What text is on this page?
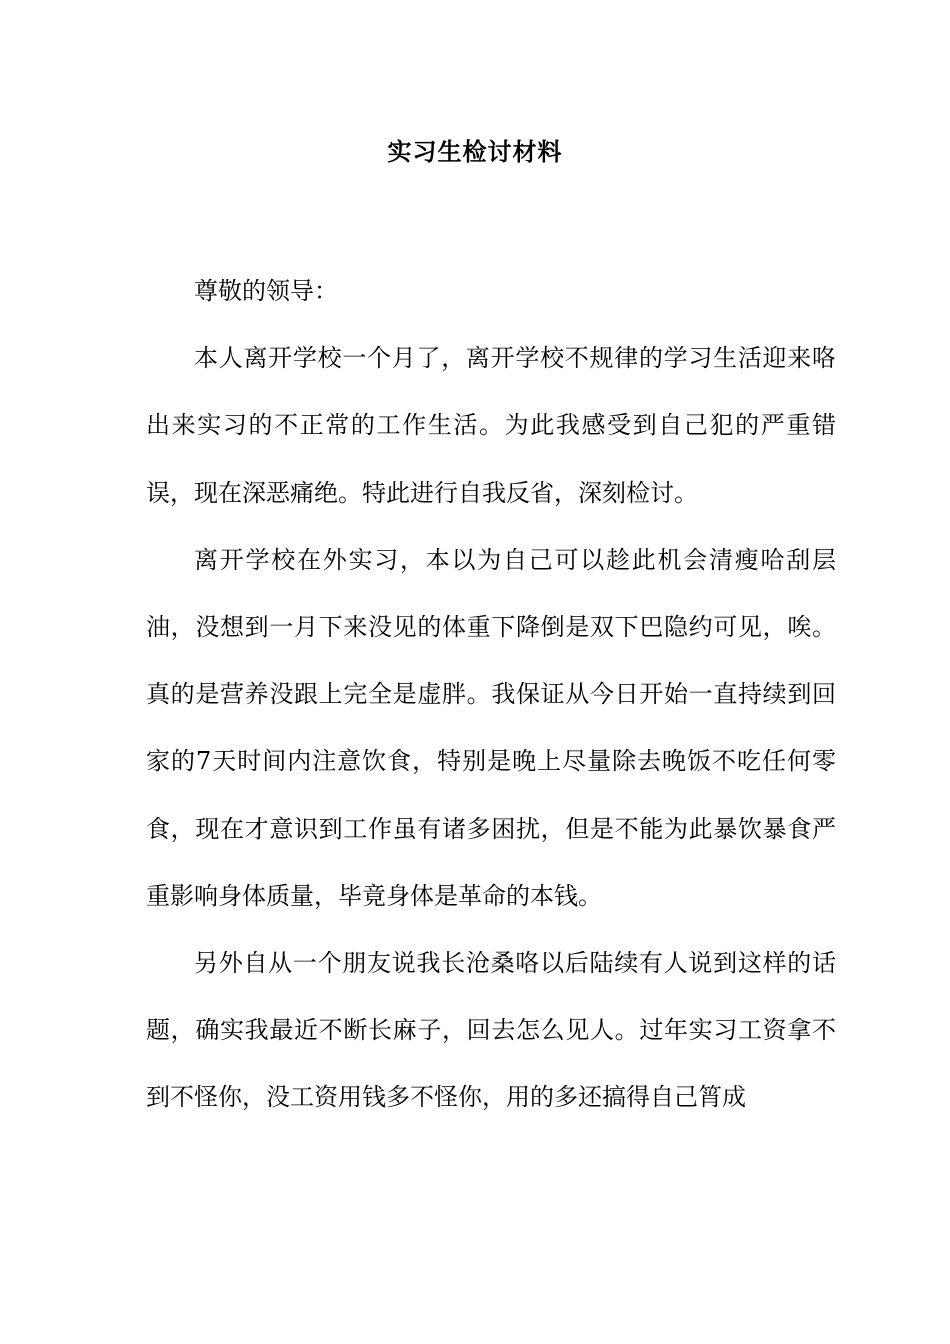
实习生检讨材料

尊敬的领导：

本人离开学校一个月了，离开学校不规律的学习生活迎来咯出来实习的不正常的工作生活。为此我感受到自己犯的严重错误，现在深恶痛绝。特此进行自我反省，深刻检讨。

离开学校在外实习，本以为自己可以趁此机会清瘦哈刮层油，没想到一月下来没见的体重下降倒是双下巴隐约可见，唉。真的是营养没跟上完全是虚胖。我保证从今日开始一直持续到回家的7天时间内注意饮食，特别是晚上尽量除去晚饭不吃任何零食，现在才意识到工作虽有诸多困扰，但是不能为此暴饮暴食严重影响身体质量，毕竟身体是革命的本钱。

另外自从一个朋友说我长沧桑咯以后陆续有人说到这样的话题，确实我最近不断长麻子，回去怎么见人。过年实习工资拿不到不怪你，没工资用钱多不怪你，用的多还搞得自己筲成
